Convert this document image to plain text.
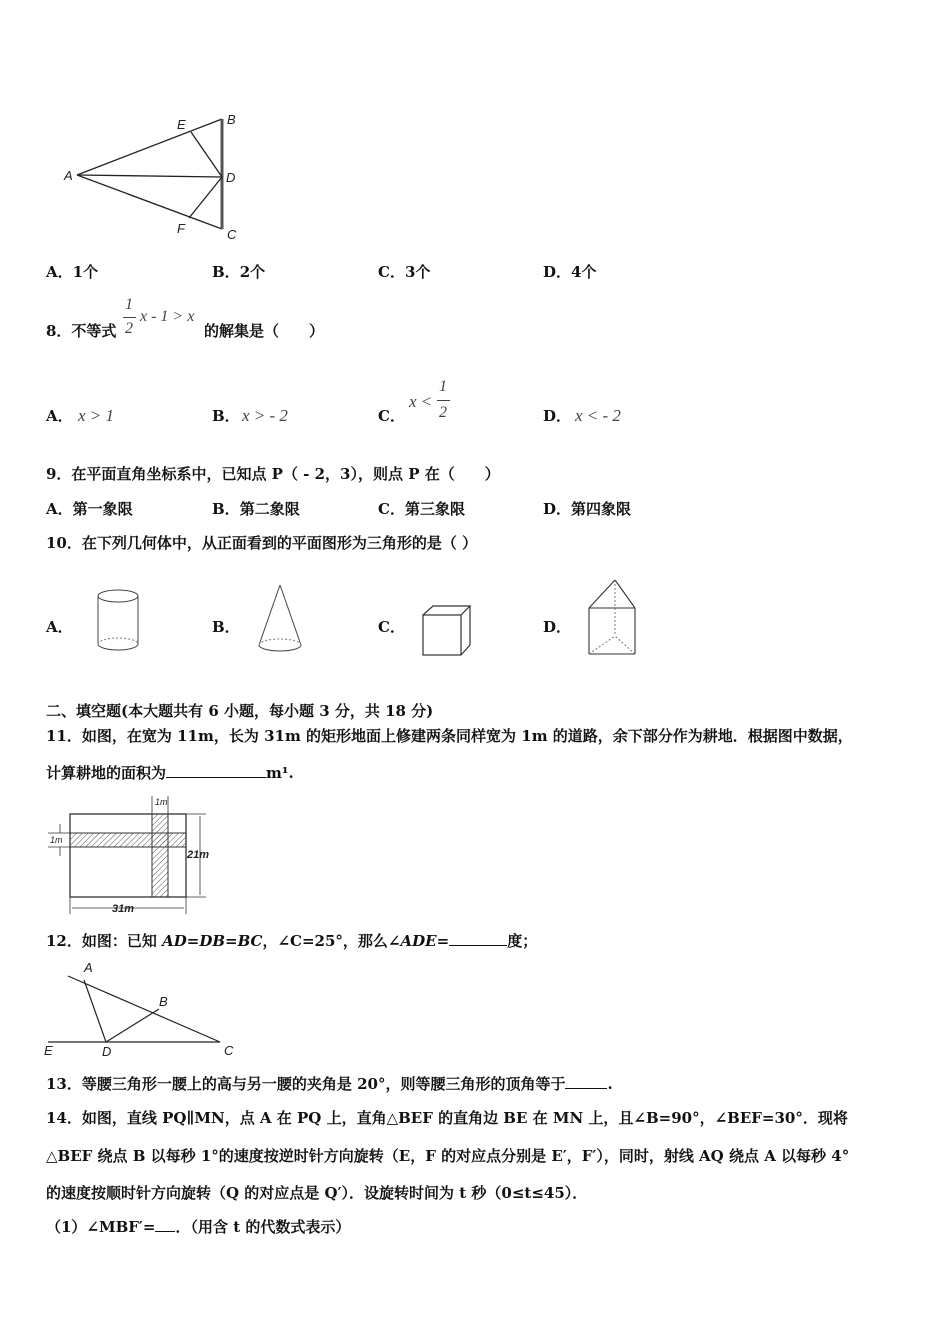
A
E	B
D
F	C
A．1个	B．2个	C．3个	D．4个
8．不等式
1
2
x - 1 > x
的解集是（　　）
A． x > 1	B． x > - 2	C．
x <
1
2	D． x < - 2
9．在平面直角坐标系中，已知点 P（ - 2，3），则点 P 在（　　）
A．第一象限	B．第二象限	C．第三象限	D．第四象限
10．在下列几何体中，从正面看到的平面图形为三角形的是（ ）
A．	B．	C．	D．
二、填空题(本大题共有 6 小题，每小题 3 分，共 18 分)
11．如图，在宽为 11m，长为 31m 的矩形地面上修建两条同样宽为 1m 的道路，余下部分作为耕地．根据图中数据，
计算耕地的面积为	m¹.
1m
1m
21m
31m
12．如图：已知 AD=DB=BC，∠C=25°，那么∠ADE=	度；
A
B
E	D	C
13．等腰三角形一腰上的高与另一腰的夹角是 20°，则等腰三角形的顶角等于	.
14．如图，直线 PQ∥MN，点 A 在 PQ 上，直角△BEF 的直角边 BE 在 MN 上，且∠B=90°，∠BEF=30°．现将
△BEF 绕点 B 以每秒 1°的速度按逆时针方向旋转（E，F 的对应点分别是 E′，F′），同时，射线 AQ 绕点 A 以每秒 4°
的速度按顺时针方向旋转（Q 的对应点是 Q′）．设旋转时间为 t 秒（0≤t≤45）．
（1）∠MBF′= ．（用含 t 的代数式表示）
